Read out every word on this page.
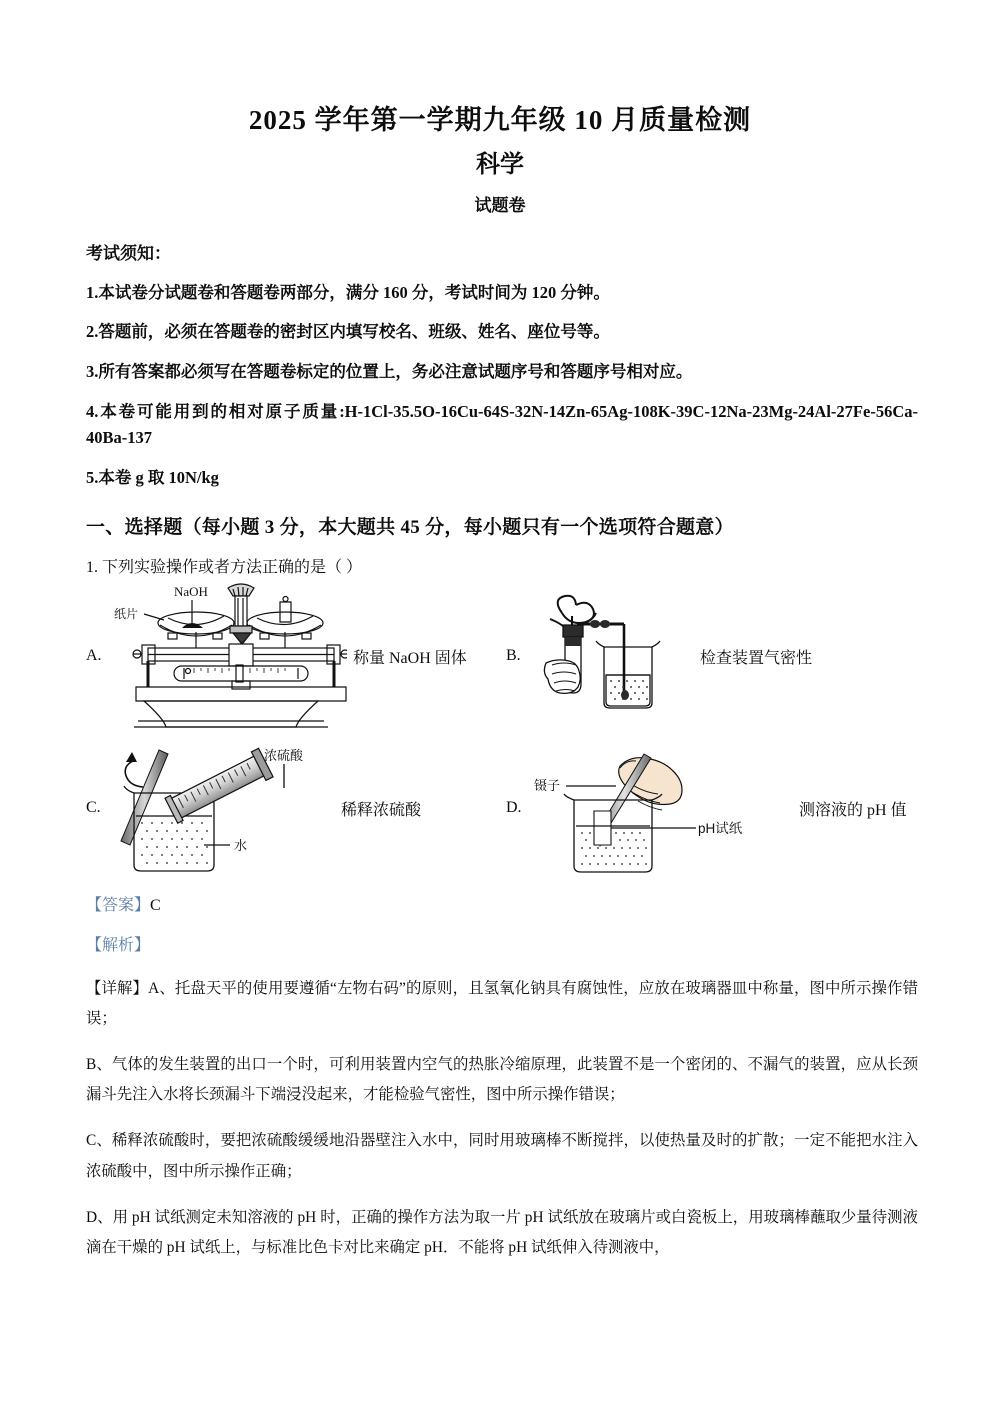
2025 学年第一学期九年级 10 月质量检测
科学
试题卷
考试须知：
1.本试卷分试题卷和答题卷两部分，满分 160 分，考试时间为 120 分钟。
2.答题前，必须在答题卷的密封区内填写校名、班级、姓名、座位号等。
3.所有答案都必须写在答题卷标定的位置上，务必注意试题序号和答题序号相对应。
4.本卷可能用到的相对原子质量:H-1Cl-35.5O-16Cu-64S-32N-14Zn-65Ag-108K-39C-12Na-23Mg-24Al-27Fe-56Ca-40Ba-137
5.本卷 g 取 10N/kg
一、选择题（每小题 3 分，本大题共 45 分，每小题只有一个选项符合题意）
1. 下列实验操作或者方法正确的是（ ）
A.
NaOH
纸片
称量 NaOH 固体 B.	检查装置气密性
C.
水
浓硫酸
稀释浓硫酸	D.
镊子
pH试纸
测溶液的 pH 值
【答案】C
【解析】
【详解】A、托盘天平的使用要遵循“左物右码”的原则，且氢氧化钠具有腐蚀性，应放在玻璃器皿中称量，图中所示操作错误；
B、气体的发生装置的出口一个时，可利用装置内空气的热胀冷缩原理，此装置不是一个密闭的、不漏气的装置，应从长颈漏斗先注入水将长颈漏斗下端浸没起来，才能检验气密性，图中所示操作错误；
C、稀释浓硫酸时，要把浓硫酸缓缓地沿器壁注入水中，同时用玻璃棒不断搅拌，以使热量及时的扩散；一定不能把水注入浓硫酸中，图中所示操作正确；
D、用 pH 试纸测定未知溶液的 pH 时，正确的操作方法为取一片 pH 试纸放在玻璃片或白瓷板上，用玻璃棒蘸取少量待测液滴在干燥的 pH 试纸上，与标准比色卡对比来确定 pH．不能将 pH 试纸伸入待测液中，
